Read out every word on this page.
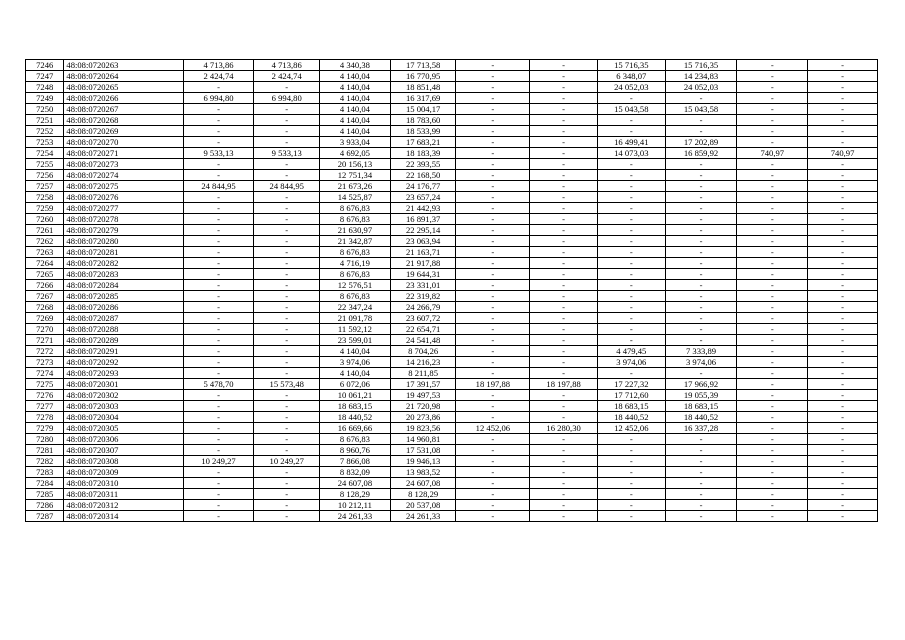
7246	48:08:0720263	4 713,86	4 713,86	4 340,38	17 713,58	-	-	15 716,35	15 716,35	-	-
7247	48:08:0720264	2 424,74	2 424,74	4 140,04	16 770,95	-	-	6 348,07	14 234,83	-	-
7248	48:08:0720265	-	-	4 140,04	18 851,48	-	-	24 052,03	24 052,03	-	-
7249	48:08:0720266	6 994,80	6 994,80	4 140,04	16 317,69	-	-	-	-	-	-
7250	48:08:0720267	-	-	4 140,04	15 004,17	-	-	15 043,58	15 043,58	-	-
7251	48:08:0720268	-	-	4 140,04	18 783,60	-	-	-	-	-	-
7252	48:08:0720269	-	-	4 140,04	18 533,99	-	-	-	-	-	-
7253	48:08:0720270	-	-	3 933,04	17 683,21	-	-	16 499,41	17 202,89	-	-
7254	48:08:0720271	9 533,13	9 533,13	4 692,05	18 183,39	-	-	14 073,03	16 859,92	740,97	740,97
7255	48:08:0720273	-	-	20 156,13	22 393,55	-	-	-	-	-	-
7256	48:08:0720274	-	-	12 751,34	22 168,50	-	-	-	-	-	-
7257	48:08:0720275	24 844,95	24 844,95	21 673,26	24 176,77	-	-	-	-	-	-
7258	48:08:0720276	-	-	14 525,87	23 657,24	-	-	-	-	-	-
7259	48:08:0720277	-	-	8 676,83	21 442,93	-	-	-	-	-	-
7260	48:08:0720278	-	-	8 676,83	16 891,37	-	-	-	-	-	-
7261	48:08:0720279	-	-	21 630,97	22 295,14	-	-	-	-	-	-
7262	48:08:0720280	-	-	21 342,87	23 063,94	-	-	-	-	-	-
7263	48:08:0720281	-	-	8 676,83	21 163,71	-	-	-	-	-	-
7264	48:08:0720282	-	-	4 716,19	21 917,88	-	-	-	-	-	-
7265	48:08:0720283	-	-	8 676,83	19 644,31	-	-	-	-	-	-
7266	48:08:0720284	-	-	12 576,51	23 331,01	-	-	-	-	-	-
7267	48:08:0720285	-	-	8 676,83	22 319,82	-	-	-	-	-	-
7268	48:08:0720286	-	-	22 347,24	24 266,79	-	-	-	-	-	-
7269	48:08:0720287	-	-	21 091,78	23 607,72	-	-	-	-	-	-
7270	48:08:0720288	-	-	11 592,12	22 654,71	-	-	-	-	-	-
7271	48:08:0720289	-	-	23 599,01	24 541,48	-	-	-	-	-	-
7272	48:08:0720291	-	-	4 140,04	8 704,26	-	-	4 479,45	7 333,89	-	-
7273	48:08:0720292	-	-	3 974,06	14 216,23	-	-	3 974,06	3 974,06	-	-
7274	48:08:0720293	-	-	4 140,04	8 211,85	-	-	-	-	-	-
7275	48:08:0720301	5 478,70	15 573,48	6 072,06	17 391,57	18 197,88	18 197,88	17 227,32	17 966,92	-	-
7276	48:08:0720302	-	-	10 061,21	19 497,53	-	-	17 712,60	19 055,39	-	-
7277	48:08:0720303	-	-	18 683,15	21 720,98	-	-	18 683,15	18 683,15	-	-
7278	48:08:0720304	-	-	18 440,52	20 273,86	-	-	18 440,52	18 440,52	-	-
7279	48:08:0720305	-	-	16 669,66	19 823,56	12 452,06	16 280,30	12 452,06	16 337,28	-	-
7280	48:08:0720306	-	-	8 676,83	14 960,81	-	-	-	-	-	-
7281	48:08:0720307	-	-	8 960,76	17 531,08	-	-	-	-	-	-
7282	48:08:0720308	10 249,27	10 249,27	7 866,08	19 946,13	-	-	-	-	-	-
7283	48:08:0720309	-	-	8 832,09	13 983,52	-	-	-	-	-	-
7284	48:08:0720310	-	-	24 607,08	24 607,08	-	-	-	-	-	-
7285	48:08:0720311	-	-	8 128,29	8 128,29	-	-	-	-	-	-
7286	48:08:0720312	-	-	10 212,11	20 537,08	-	-	-	-	-	-
7287	48:08:0720314	-	-	24 261,33	24 261,33	-	-	-	-	-	-
